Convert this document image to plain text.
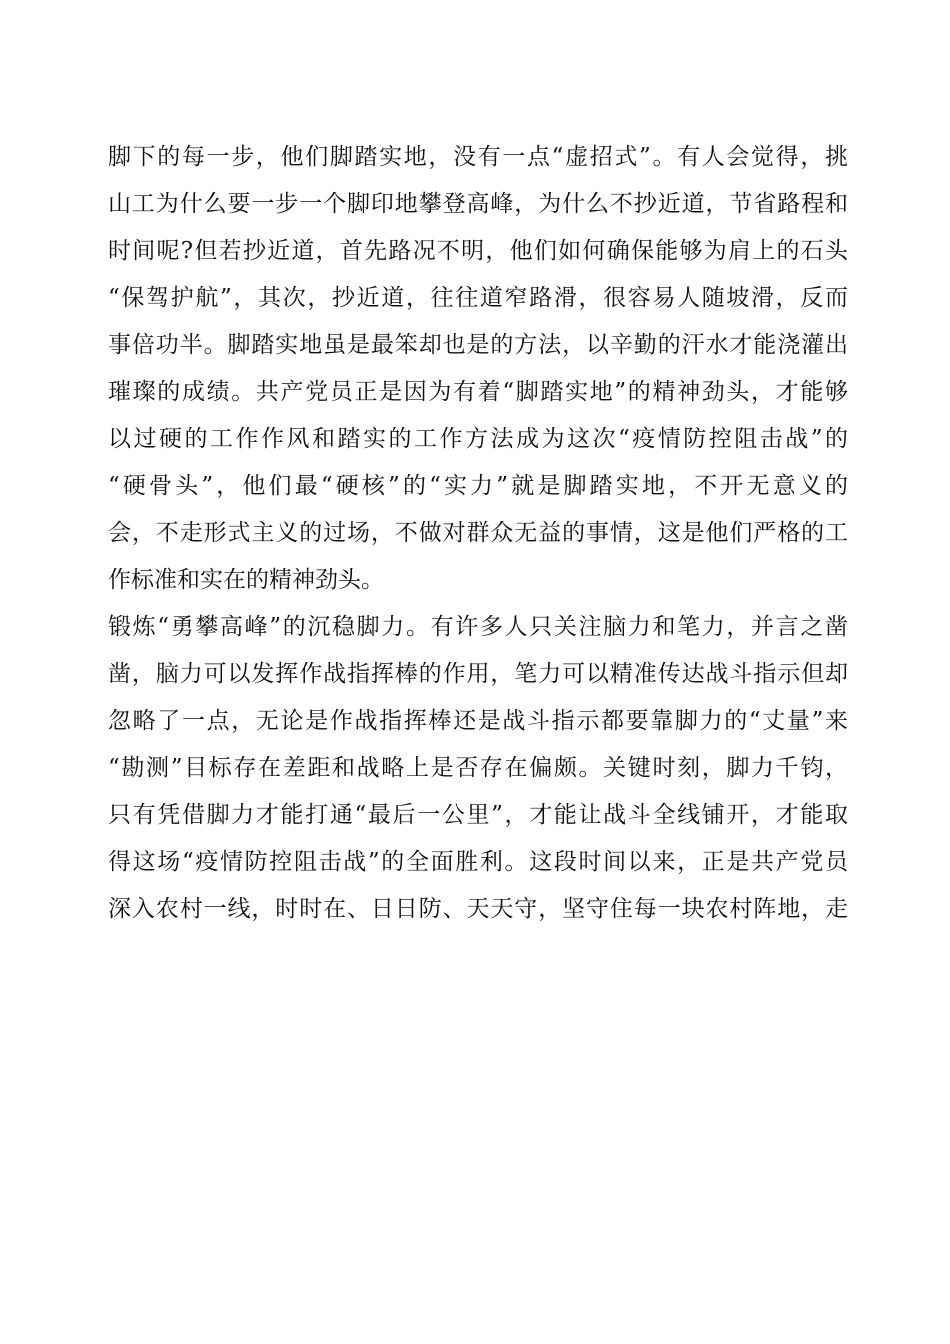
脚下的每一步，他们脚踏实地，没有一点“虚招式”。有人会觉得，挑
山工为什么要一步一个脚印地攀登高峰，为什么不抄近道，节省路程和
时间呢?但若抄近道，首先路况不明，他们如何确保能够为肩上的石头
“保驾护航”，其次，抄近道，往往道窄路滑，很容易人随坡滑，反而
事倍功半。脚踏实地虽是最笨却也是的方法，以辛勤的汗水才能浇灌出
璀璨的成绩。共产党员正是因为有着“脚踏实地”的精神劲头，才能够
以过硬的工作作风和踏实的工作方法成为这次“疫情防控阻击战”的
“硬骨头”，他们最“硬核”的“实力”就是脚踏实地，不开无意义的
会，不走形式主义的过场，不做对群众无益的事情，这是他们严格的工
作标准和实在的精神劲头。
锻炼“勇攀高峰”的沉稳脚力。有许多人只关注脑力和笔力，并言之凿
凿，脑力可以发挥作战指挥棒的作用，笔力可以精准传达战斗指示但却
忽略了一点，无论是作战指挥棒还是战斗指示都要靠脚力的“丈量”来
“勘测”目标存在差距和战略上是否存在偏颇。关键时刻，脚力千钧，
只有凭借脚力才能打通“最后一公里”，才能让战斗全线铺开，才能取
得这场“疫情防控阻击战”的全面胜利。这段时间以来，正是共产党员
深入农村一线，时时在、日日防、天天守，坚守住每一块农村阵地，走
